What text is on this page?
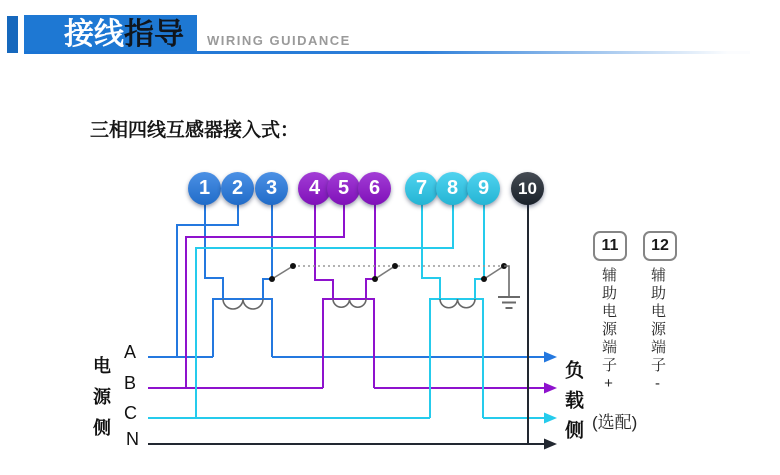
接线指导	WIRING GUIDANCE
三相四线互感器接入式：
1	2	3	4 5 6	7 8 9	10
11	12
辅助电源端子+ 辅助电源端子-
(选配)
电源侧	负载侧
A
B
C
N
